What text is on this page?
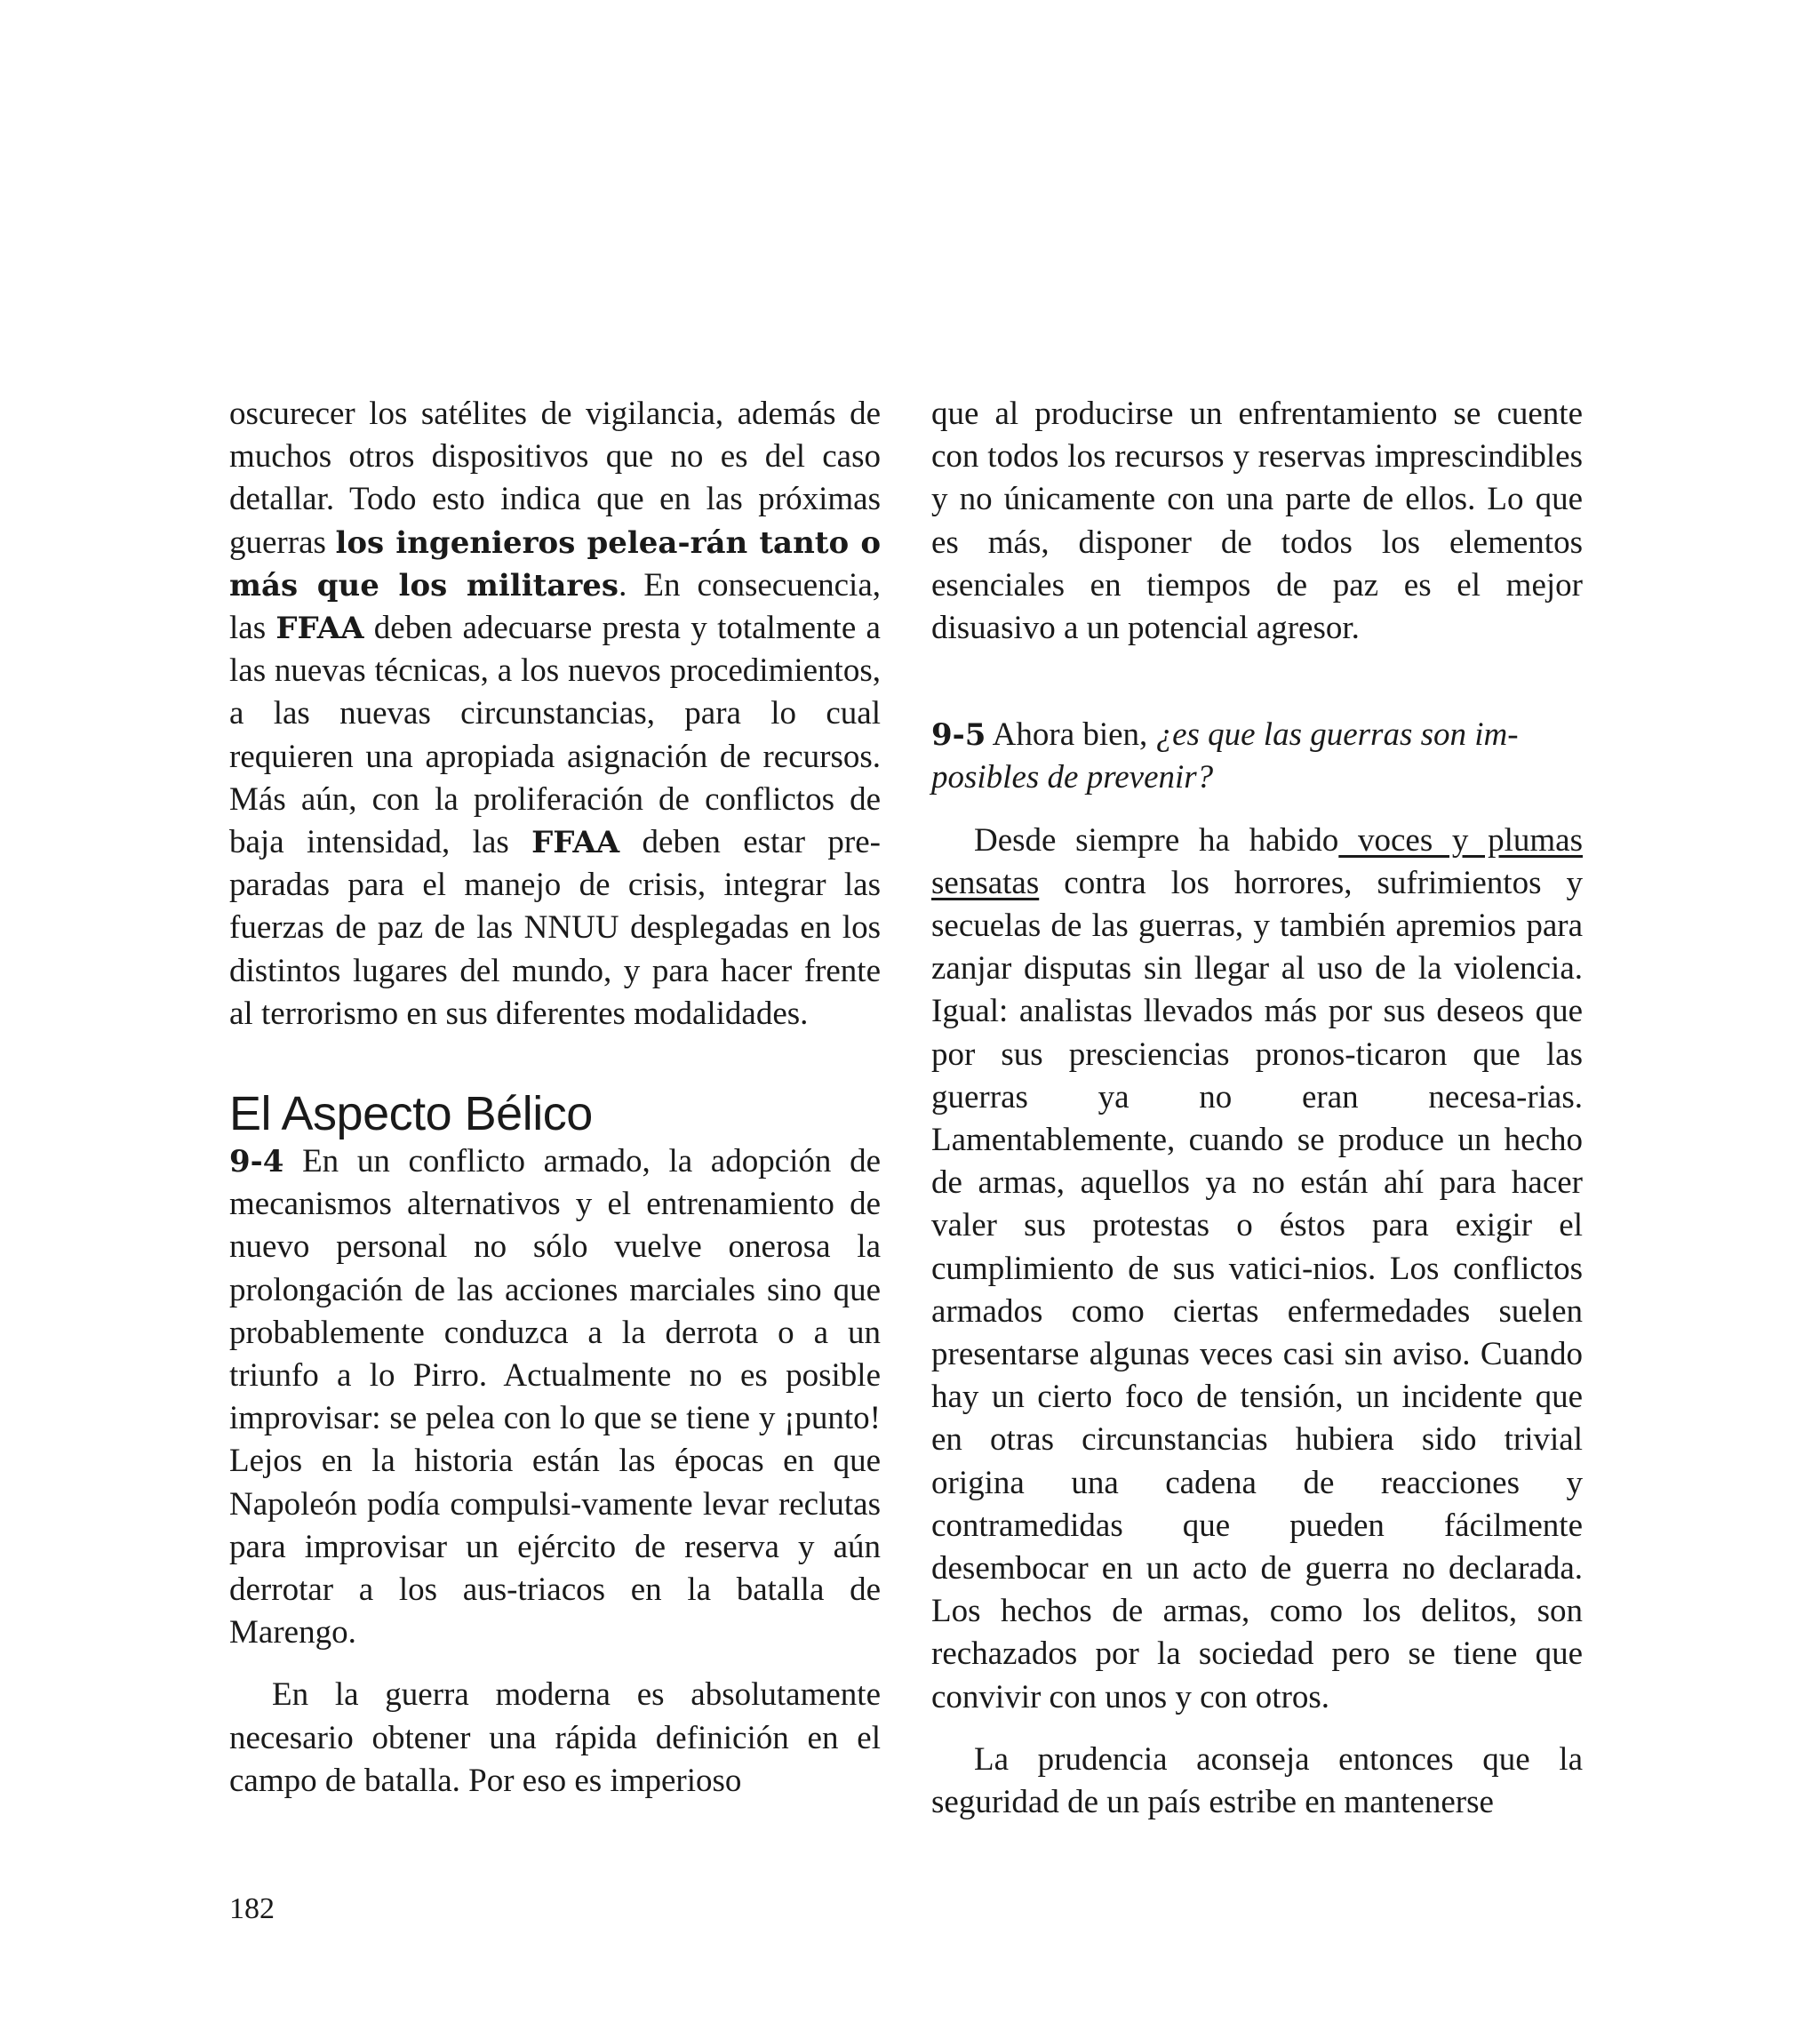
oscurecer los satélites de vigilancia, además de muchos otros dispositivos que no es del caso detallar. Todo esto indica que en las próximas guerras los ingenieros pelea-rán tanto o más que los militares. En consecuencia, las FFAA deben adecuarse presta y totalmente a las nuevas técnicas, a los nuevos procedimientos, a las nuevas circunstancias, para lo cual requieren una apropiada asignación de recursos. Más aún, con la proliferación de conflictos de baja intensidad, las FFAA deben estar pre-paradas para el manejo de crisis, integrar las fuerzas de paz de las NNUU desplegadas en los distintos lugares del mundo, y para hacer frente al terrorismo en sus diferentes modalidades.

El Aspecto Bélico

9-4 En un conflicto armado, la adopción de mecanismos alternativos y el entrenamiento de nuevo personal no sólo vuelve onerosa la prolongación de las acciones marciales sino que probablemente conduzca a la derrota o a un triunfo a lo Pirro. Actualmente no es posible improvisar: se pelea con lo que se tiene y ¡punto! Lejos en la historia están las épocas en que Napoleón podía compulsi-vamente levar reclutas para improvisar un ejército de reserva y aún derrotar a los aus-triacos en la batalla de Marengo.

En la guerra moderna es absolutamente necesario obtener una rápida definición en el campo de batalla. Por eso es imperioso

que al producirse un enfrentamiento se cuente con todos los recursos y reservas imprescindibles y no únicamente con una parte de ellos. Lo que es más, disponer de todos los elementos esenciales en tiempos de paz es el mejor disuasivo a un potencial agresor.

9-5 Ahora bien, ¿es que las guerras son im-posibles de prevenir?

Desde siempre ha habido voces y plumas sensatas contra los horrores, sufrimientos y secuelas de las guerras, y también apremios para zanjar disputas sin llegar al uso de la violencia. Igual: analistas llevados más por sus deseos que por sus presciencias pronos-ticaron que las guerras ya no eran necesa-rias. Lamentablemente, cuando se produce un hecho de armas, aquellos ya no están ahí para hacer valer sus protestas o éstos para exigir el cumplimiento de sus vatici-nios. Los conflictos armados como ciertas enfermedades suelen presentarse algunas veces casi sin aviso. Cuando hay un cierto foco de tensión, un incidente que en otras circunstancias hubiera sido trivial origina una cadena de reacciones y contramedidas que pueden fácilmente desembocar en un acto de guerra no declarada. Los hechos de armas, como los delitos, son rechazados por la sociedad pero se tiene que convivir con unos y con otros.

La prudencia aconseja entonces que la seguridad de un país estribe en mantenerse

182
